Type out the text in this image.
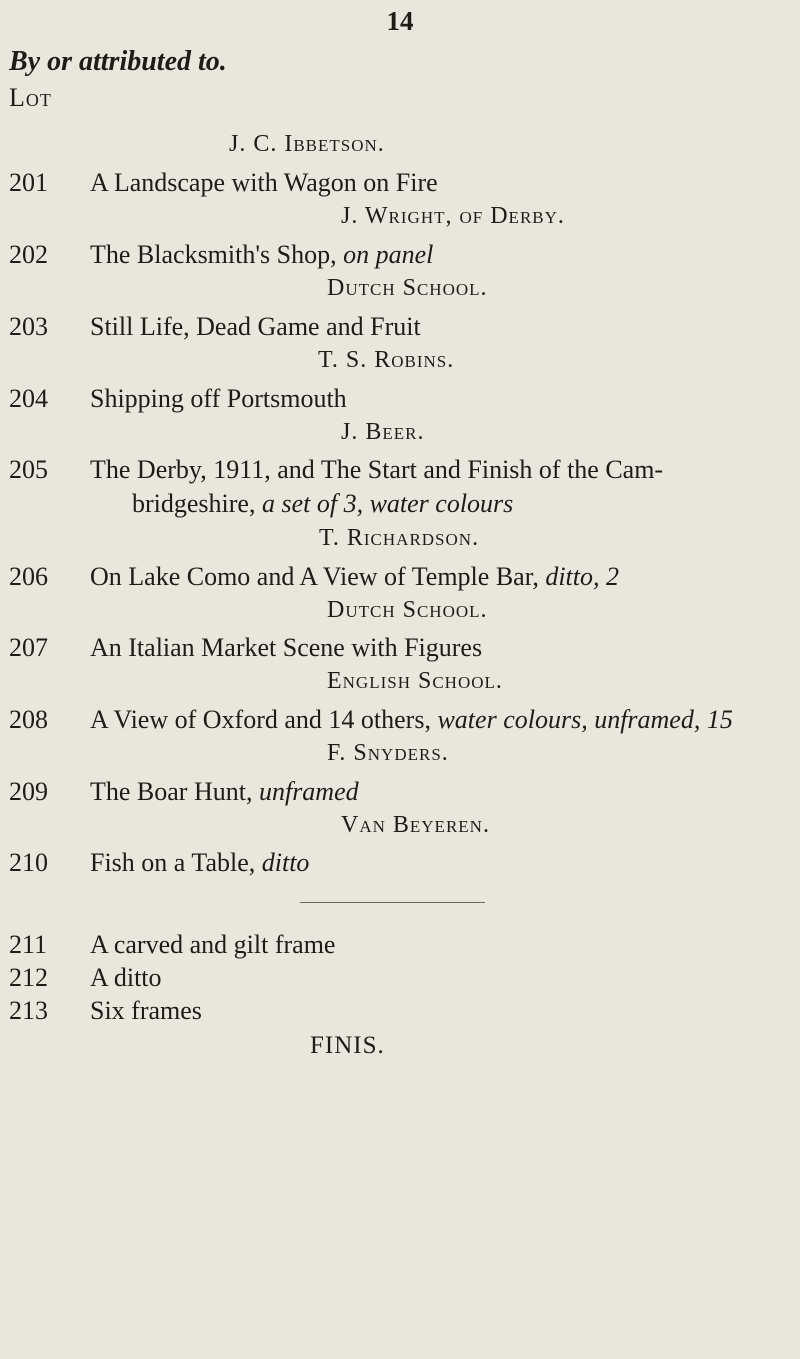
14
By or attributed to.
Lot
J. C. Ibbetson.
201 A Landscape with Wagon on Fire
J. Wright, of Derby.
202 The Blacksmith's Shop, on panel
Dutch School.
203 Still Life, Dead Game and Fruit
T. S. Robins.
204 Shipping off Portsmouth
J. Beer.
205 The Derby, 1911, and The Start and Finish of the Cam-
bridgeshire, a set of 3, water colours
T. Richardson.
206 On Lake Como and A View of Temple Bar, ditto, 2
Dutch School.
207 An Italian Market Scene with Figures
English School.
208 A View of Oxford and 14 others, water colours, unframed, 15
F. Snyders.
209 The Boar Hunt, unframed
Van Beyeren.
210 Fish on a Table, ditto
211 A carved and gilt frame
212 A ditto
213 Six frames
FINIS.
